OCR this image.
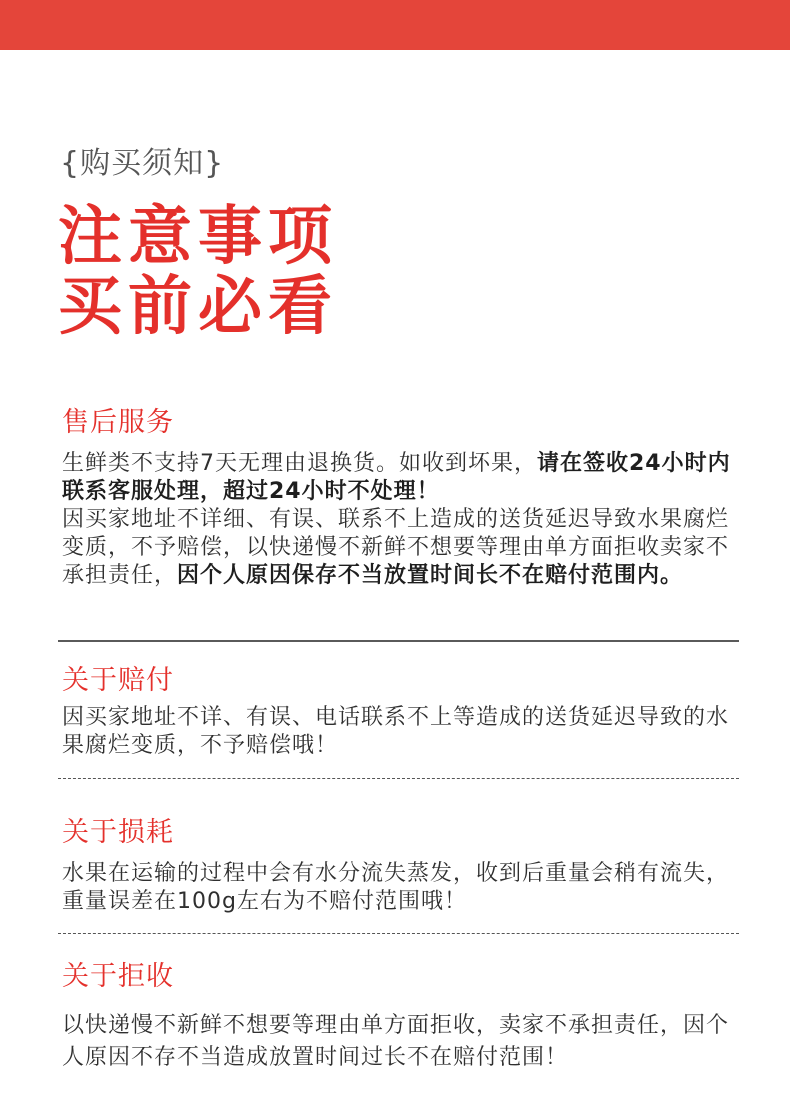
{购买须知}
注意事项
买前必看
售后服务
生鲜类不支持7天无理由退换货。如收到坏果，请在签收24小时内联系客服处理，超过24小时不处理！
因买家地址不详细、有误、联系不上造成的送货延迟导致水果腐烂变质，不予赔偿，以快递慢不新鲜不想要等理由单方面拒收卖家不承担责任，因个人原因保存不当放置时间长不在赔付范围内。
关于赔付
因买家地址不详、有误、电话联系不上等造成的送货延迟导致的水果腐烂变质，不予赔偿哦！
关于损耗
水果在运输的过程中会有水分流失蒸发，收到后重量会稍有流失，重量误差在100g左右为不赔付范围哦！
关于拒收
以快递慢不新鲜不想要等理由单方面拒收，卖家不承担责任，因个人原因不存不当造成放置时间过长不在赔付范围！
